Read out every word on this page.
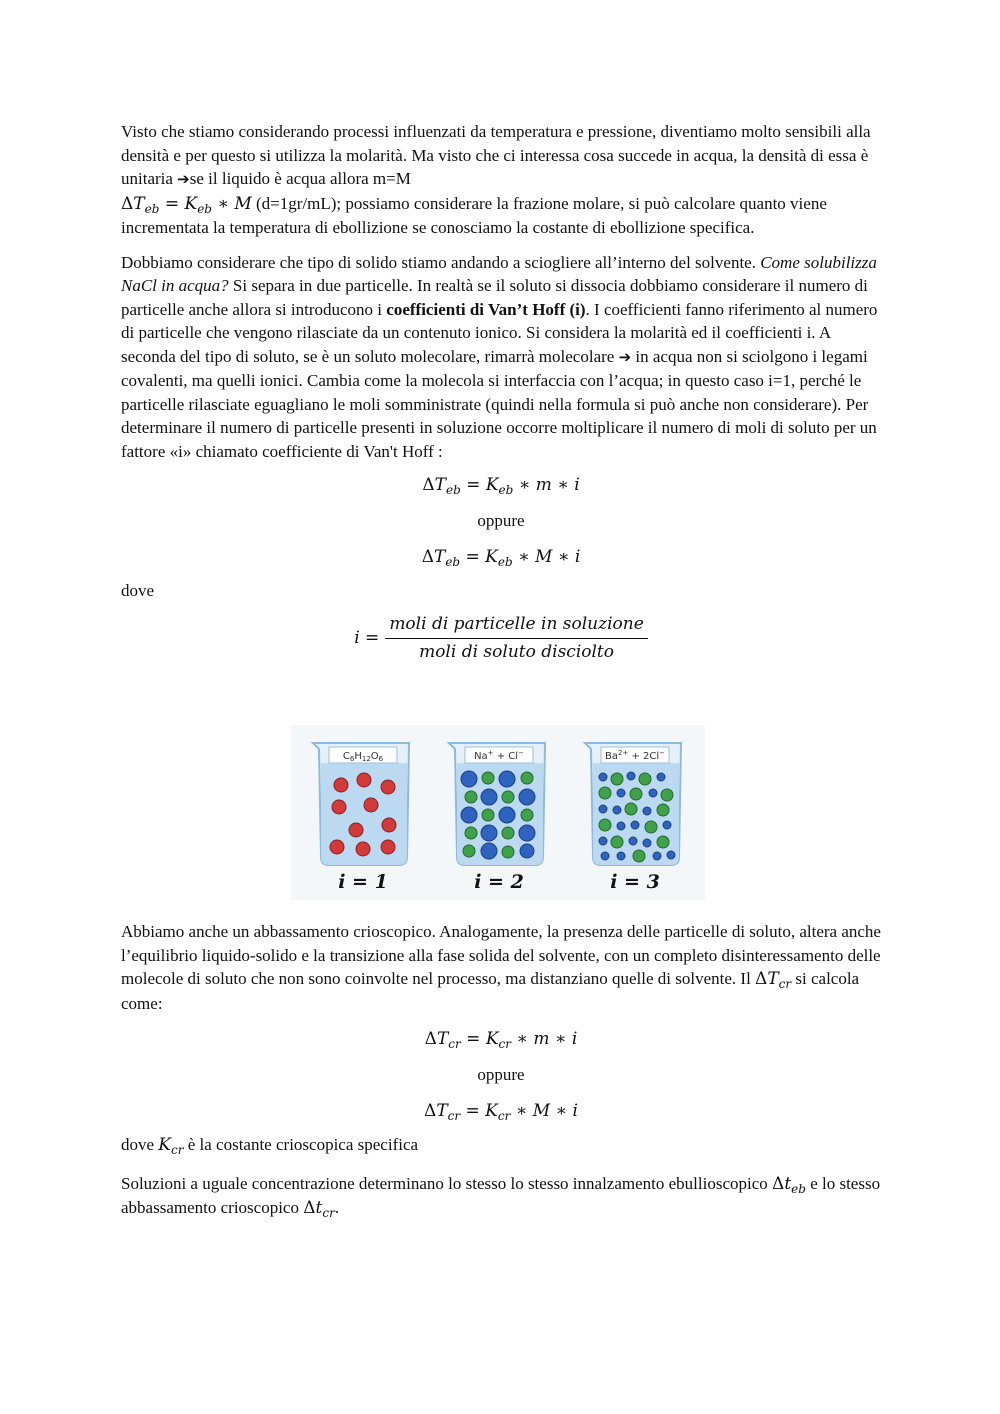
Visto che stiamo considerando processi influenzati da temperatura e pressione, diventiamo molto sensibili alla densità e per questo si utilizza la molarità. Ma visto che ci interessa cosa succede in acqua, la densità di essa è unitaria ➔se il liquido è acqua allora m=M
$\Delta T_{eb} = K_{eb}$ ∗ M (d=1gr/mL); possiamo considerare la frazione molare, si può calcolare quanto viene incrementata la temperatura di ebollizione se conosciamo la costante di ebollizione specifica.

Dobbiamo considerare che tipo di solido stiamo andando a sciogliere all’interno del solvente. Come solubilizza NaCl in acqua? Si separa in due particelle. In realtà se il soluto si dissocia dobbiamo considerare il numero di particelle anche allora si introducono i coefficienti di Van’t Hoff (i). I coefficienti fanno riferimento al numero di particelle che vengono rilasciate da un contenuto ionico. Si considera la molarità ed il coefficienti i. A seconda del tipo di soluto, se è un soluto molecolare, rimarrà molecolare ➔ in acqua non si sciolgono i legami covalenti, ma quelli ionici. Cambia come la molecola si interfaccia con l’acqua; in questo caso i=1, perché le particelle rilasciate eguagliano le moli somministrate (quindi nella formula si può anche non considerare). Per determinare il numero di particelle presenti in soluzione occorre moltiplicare il numero di moli di soluto per un fattore «i» chiamato coefficiente di Van't Hoff :

$\Delta T_{eb} = K_{eb}$ ∗ m ∗ i
oppure
$\Delta T_{eb} = K_{eb}$ ∗ M ∗ i

dove

$i = \frac{\text{moli di particelle in soluzione}}{\text{moli di soluto disciolto}}$
$C_6H_{12}O_6$
i = 1
Na+ + Cl−
i = 2
$Ba^{2+} + 2Cl^-$
i = 3

Abbiamo anche un abbassamento crioscopico. Analogamente, la presenza delle particelle di soluto, altera anche l’equilibrio liquido-solido e la transizione alla fase solida del solvente, con un completo disinteressamento delle molecole di soluto che non sono coinvolte nel processo, ma distanziano quelle di solvente. Il $\Delta T_{cr}$ si calcola come:

$\Delta T_{cr} = K_{cr}$ ∗ m ∗ i
oppure
$\Delta T_{cr} = K_{cr}$ ∗ M ∗ i

dove $K_{cr}$ è la costante crioscopica specifica

Soluzioni a uguale concentrazione determinano lo stesso lo stesso innalzamento ebullioscopico $\Delta t_{eb}$ e lo stesso abbassamento crioscopico $\Delta t_{cr}$.
